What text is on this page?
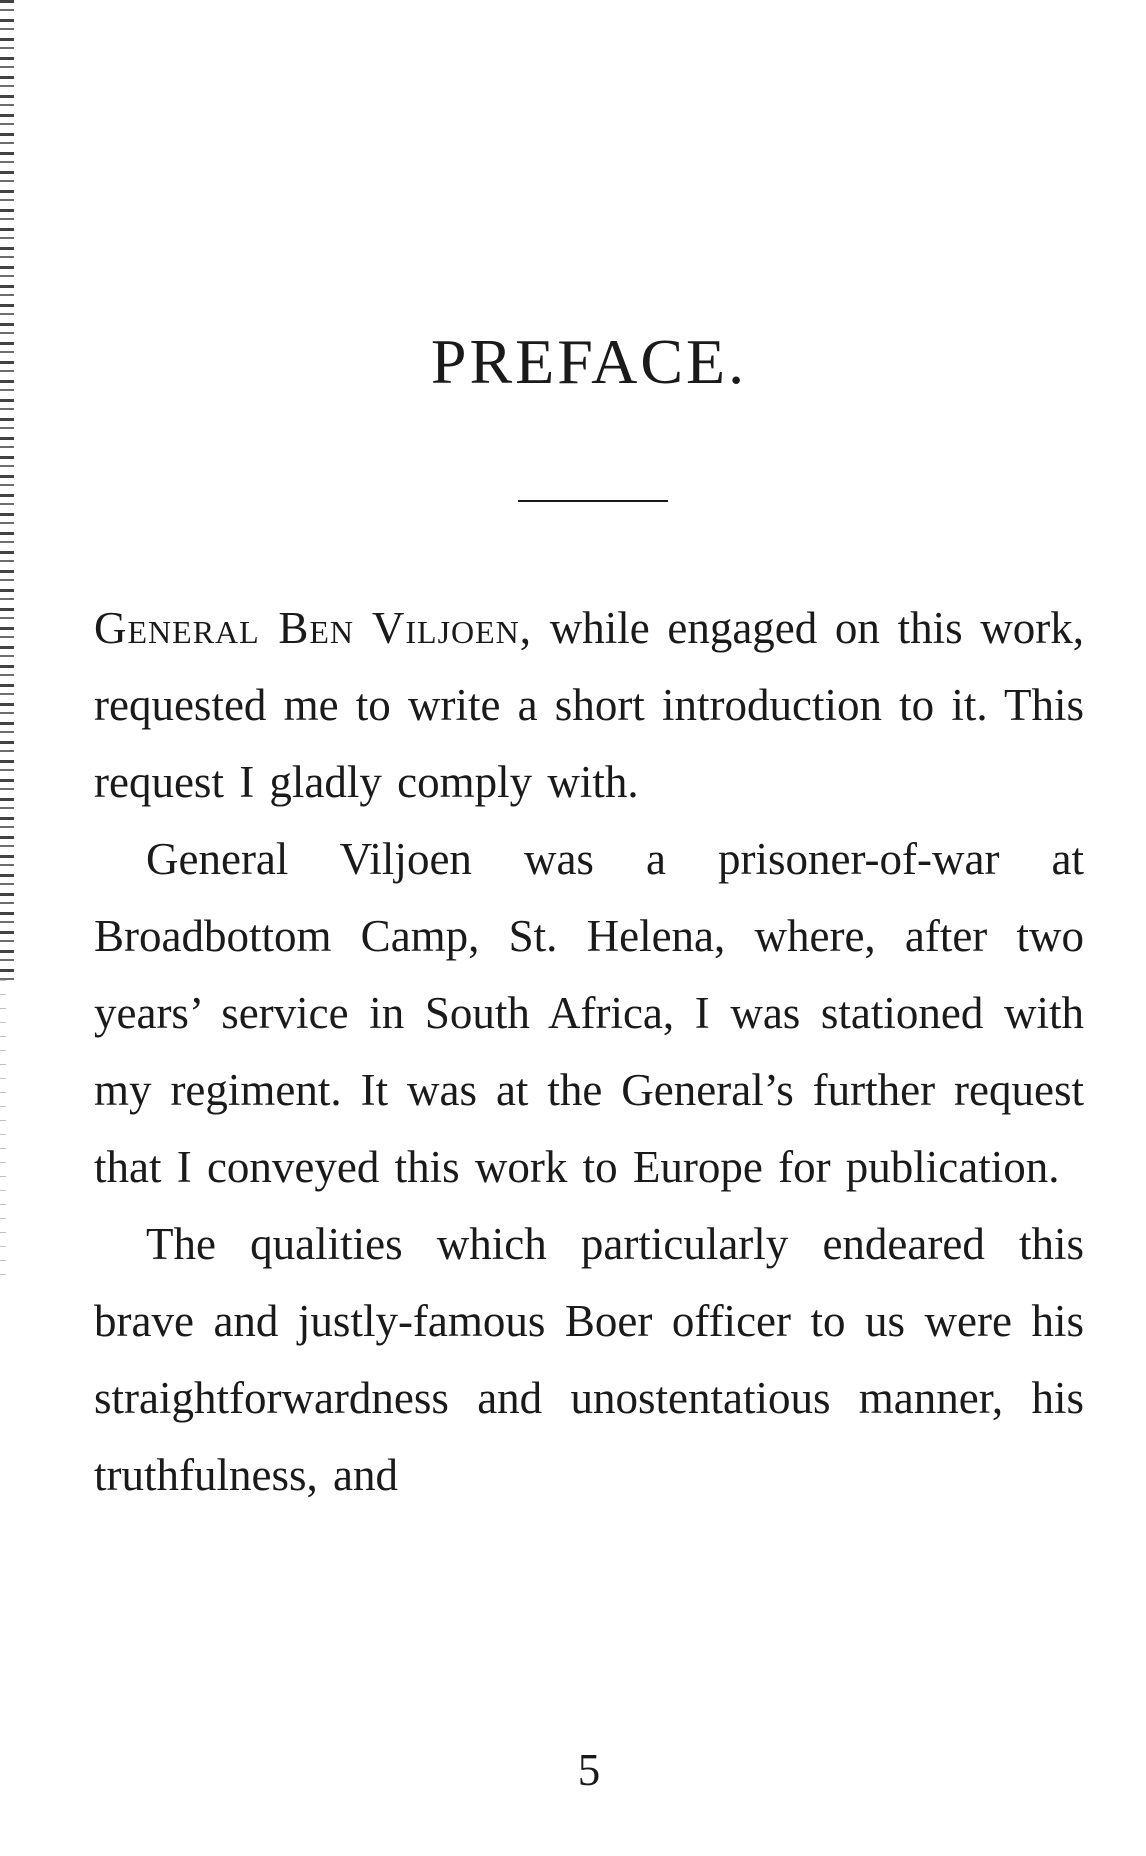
PREFACE.

General Ben Viljoen, while engaged on this work, requested me to write a short introduction to it. This request I gladly comply with.

General Viljoen was a prisoner-of-war at Broadbottom Camp, St. Helena, where, after two years’ service in South Africa, I was stationed with my regiment. It was at the General’s further request that I conveyed this work to Europe for publication.

The qualities which particularly endeared this brave and justly-famous Boer officer to us were his straightforwardness and unostentatious manner, his truthfulness, and

5
